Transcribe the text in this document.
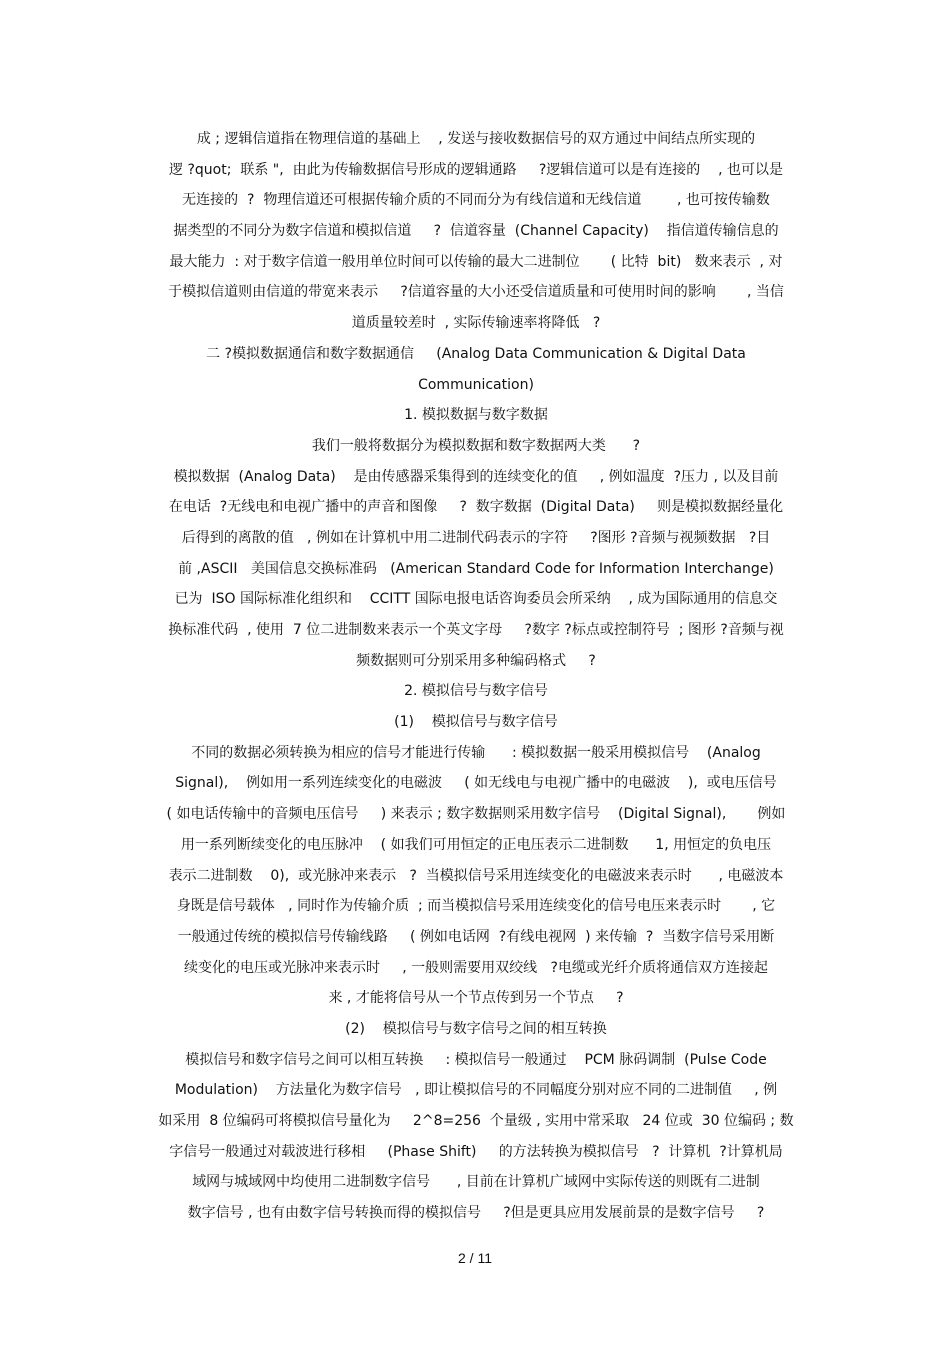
成 ; 逻辑信道指在物理信道的基础上    , 发送与接收数据信号的双方通过中间结点所实现的
逻 ?quot;  联系 ",  由此为传输数据信号形成的逻辑通路     ?逻辑信道可以是有连接的    , 也可以是
无连接的  ?  物理信道还可根据传输介质的不同而分为有线信道和无线信道        , 也可按传输数
据类型的不同分为数字信道和模拟信道     ?  信道容量  (Channel Capacity)    指信道传输信息的
最大能力  : 对于数字信道一般用单位时间可以传输的最大二进制位       ( 比特  bit)   数来表示  , 对
于模拟信道则由信道的带宽来表示     ?信道容量的大小还受信道质量和可使用时间的影响       , 当信
道质量较差时  , 实际传输速率将降低   ?
二 ?模拟数据通信和数字数据通信     (Analog Data Communication & Digital Data
Communication)
1. 模拟数据与数字数据
我们一般将数据分为模拟数据和数字数据两大类      ?
模拟数据  (Analog Data)    是由传感器采集得到的连续变化的值     , 例如温度  ?压力 , 以及目前
在电话  ?无线电和电视广播中的声音和图像     ?  数字数据  (Digital Data)     则是模拟数据经量化
后得到的离散的值   , 例如在计算机中用二进制代码表示的字符     ?图形 ?音频与视频数据   ?目
前 ,ASCII   美国信息交换标准码   (American Standard Code for Information Interchange)
已为  ISO 国际标准化组织和    CCITT 国际电报电话咨询委员会所采纳    , 成为国际通用的信息交
换标准代码  , 使用  7 位二进制数来表示一个英文字母     ?数字 ?标点或控制符号  ; 图形 ?音频与视
频数据则可分别采用多种编码格式     ?
2. 模拟信号与数字信号
(1)    模拟信号与数字信号
不同的数据必须转换为相应的信号才能进行传输      : 模拟数据一般采用模拟信号    (Analog
Signal),    例如用一系列连续变化的电磁波     ( 如无线电与电视广播中的电磁波    ),  或电压信号
( 如电话传输中的音频电压信号     ) 来表示 ; 数字数据则采用数字信号    (Digital Signal),       例如
用一系列断续变化的电压脉冲    ( 如我们可用恒定的正电压表示二进制数      1, 用恒定的负电压
表示二进制数    0),  或光脉冲来表示   ?  当模拟信号采用连续变化的电磁波来表示时      , 电磁波本
身既是信号载体   , 同时作为传输介质  ; 而当模拟信号采用连续变化的信号电压来表示时       , 它
一般通过传统的模拟信号传输线路     ( 例如电话网  ?有线电视网  ) 来传输  ?  当数字信号采用断
续变化的电压或光脉冲来表示时     , 一般则需要用双绞线   ?电缆或光纤介质将通信双方连接起
来 , 才能将信号从一个节点传到另一个节点     ?
(2)    模拟信号与数字信号之间的相互转换
模拟信号和数字信号之间可以相互转换     : 模拟信号一般通过    PCM 脉码调制  (Pulse Code
Modulation)    方法量化为数字信号   , 即让模拟信号的不同幅度分别对应不同的二进制值     , 例
如采用  8 位编码可将模拟信号量化为     2^8=256  个量级 , 实用中常采取   24 位或  30 位编码 ; 数
字信号一般通过对载波进行移相     (Phase Shift)     的方法转换为模拟信号   ?  计算机  ?计算机局
域网与城域网中均使用二进制数字信号      , 目前在计算机广域网中实际传送的则既有二进制
数字信号 , 也有由数字信号转换而得的模拟信号     ?但是更具应用发展前景的是数字信号     ?
2 / 11
